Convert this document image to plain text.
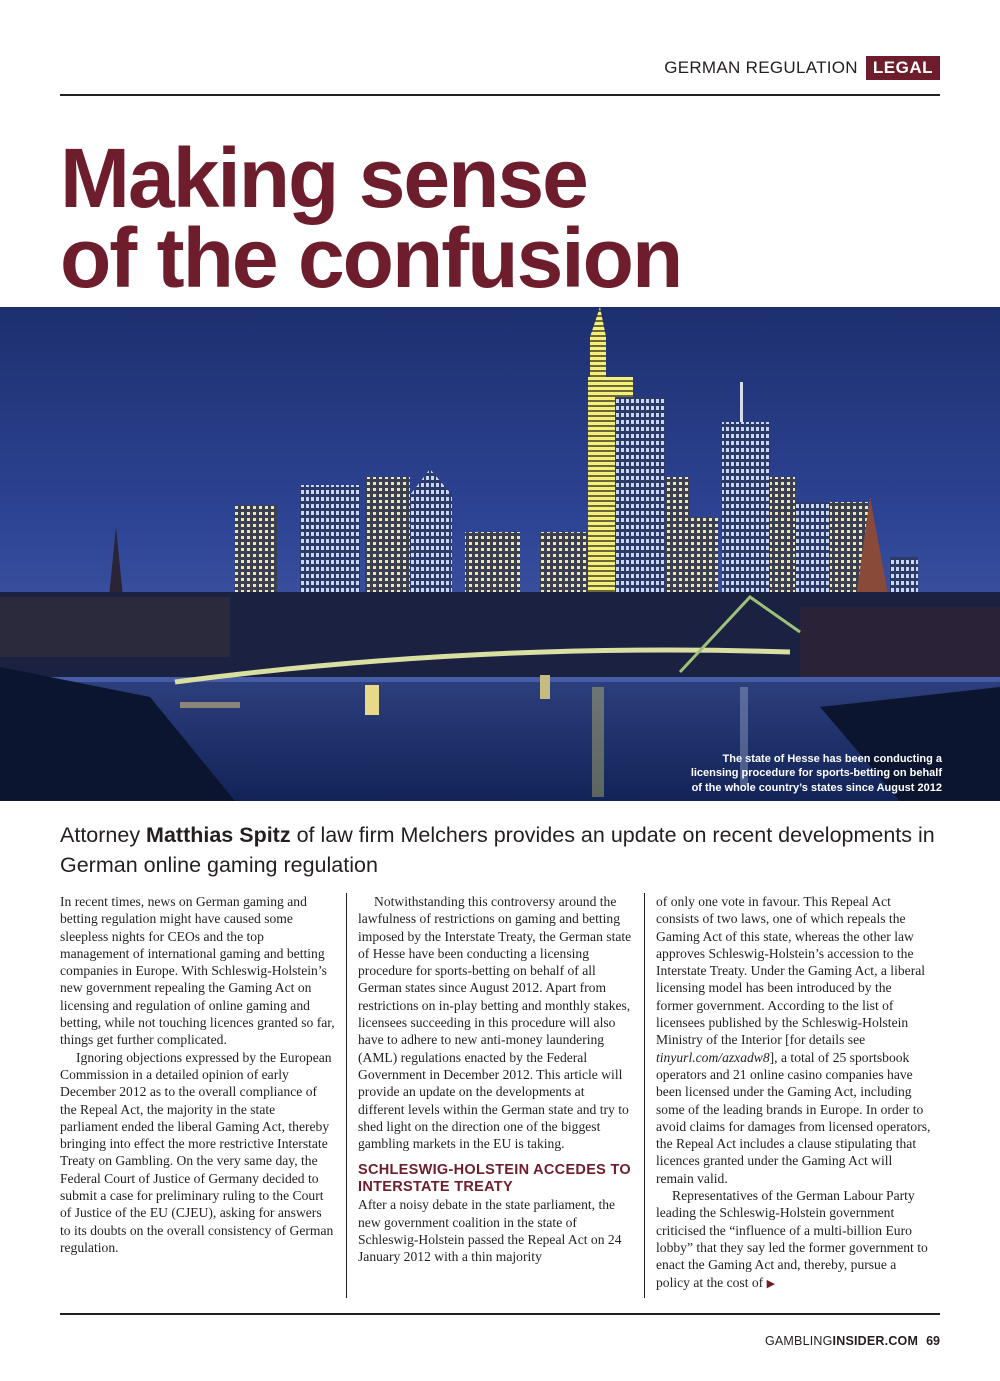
GERMAN REGULATION LEGAL
Making sense
of the confusion
The state of Hesse has been conducting a licensing procedure for sports-betting on behalf of the whole country’s states since August 2012

Attorney Matthias Spitz of law firm Melchers provides an update on recent developments in German online gaming regulation

In recent times, news on German gaming and betting regulation might have caused some sleepless nights for CEOs and the top management of international gaming and betting companies in Europe. With Schleswig-Holstein’s new government repealing the Gaming Act on licensing and regulation of online gaming and betting, while not touching licences granted so far, things get further complicated.

Ignoring objections expressed by the European Commission in a detailed opinion of early December 2012 as to the overall compliance of the Repeal Act, the majority in the state parliament ended the liberal Gaming Act, thereby bringing into effect the more restrictive Interstate Treaty on Gambling. On the very same day, the Federal Court of Justice of Germany decided to submit a case for preliminary ruling to the Court of Justice of the EU (CJEU), asking for answers to its doubts on the overall consistency of German regulation.

Notwithstanding this controversy around the lawfulness of restrictions on gaming and betting imposed by the Interstate Treaty, the German state of Hesse have been conducting a licensing procedure for sports-betting on behalf of all German states since August 2012. Apart from restrictions on in-play betting and monthly stakes, licensees succeeding in this procedure will also have to adhere to new anti-money laundering (AML) regulations enacted by the Federal Government in December 2012. This article will provide an update on the developments at different levels within the German state and try to shed light on the direction one of the biggest gambling markets in the EU is taking.

SCHLESWIG-HOLSTEIN ACCEDES TO INTERSTATE TREATY

After a noisy debate in the state parliament, the new government coalition in the state of Schleswig-Holstein passed the Repeal Act on 24 January 2012 with a thin majority

of only one vote in favour. This Repeal Act consists of two laws, one of which repeals the Gaming Act of this state, whereas the other law approves Schleswig-Holstein’s accession to the Interstate Treaty. Under the Gaming Act, a liberal licensing model has been introduced by the former government. According to the list of licensees published by the Schleswig-Holstein Ministry of the Interior [for details see tinyurl.com/azxadw8], a total of 25 sportsbook operators and 21 online casino companies have been licensed under the Gaming Act, including some of the leading brands in Europe. In order to avoid claims for damages from licensed operators, the Repeal Act includes a clause stipulating that licences granted under the Gaming Act will remain valid.

Representatives of the German Labour Party leading the Schleswig-Holstein government criticised the “influence of a multi-billion Euro lobby” that they say led the former government to enact the Gaming Act and, thereby, pursue a policy at the cost of ▶

GAMBLING INSIDER.COM 69
